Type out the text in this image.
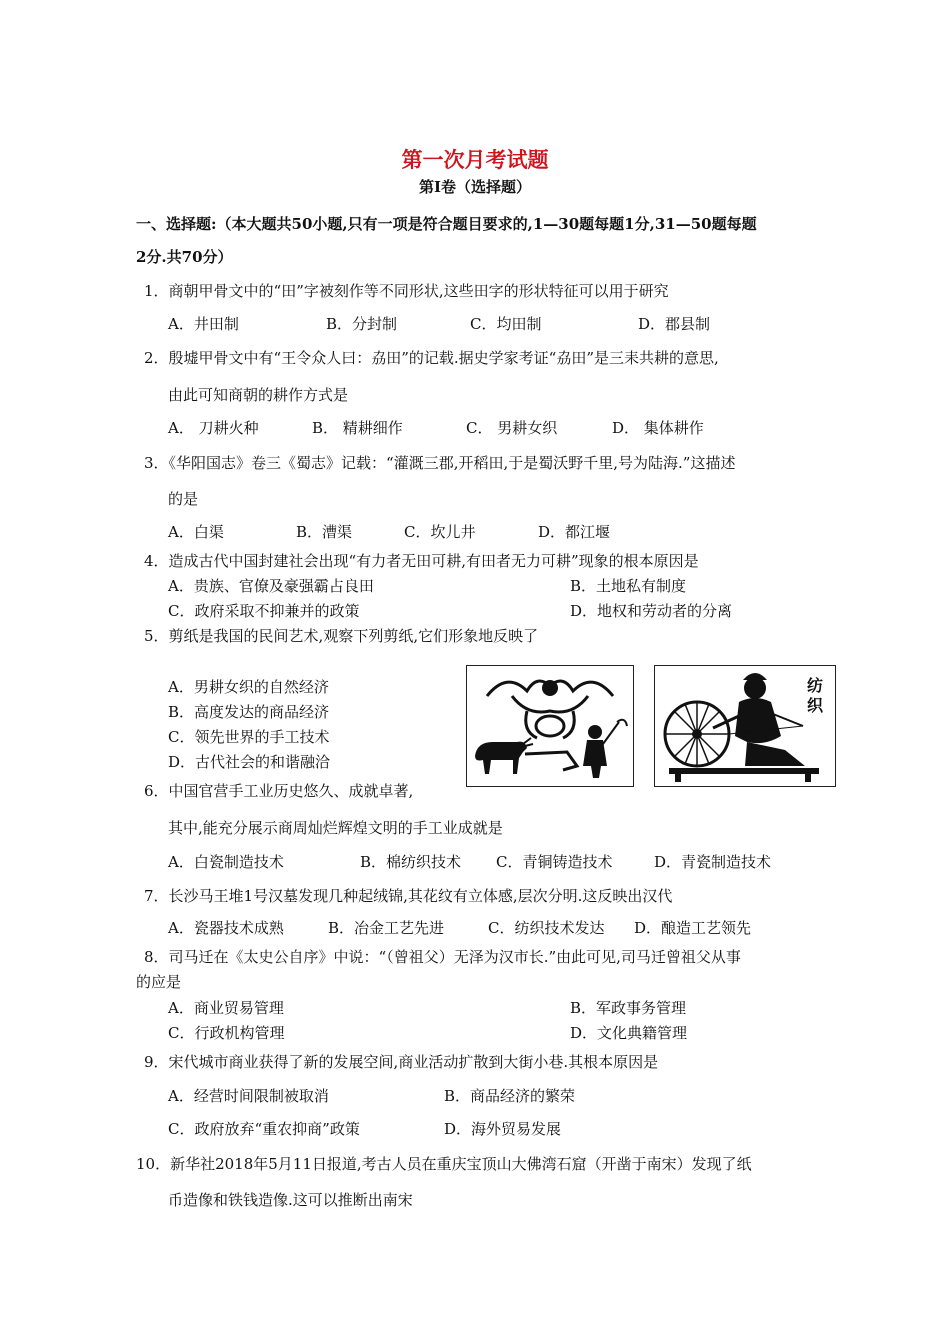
第一次月考试题
第Ⅰ卷（选择题）
一、选择题:（本大题共50小题,只有一项是符合题目要求的,1—30题每题1分,31—50题每题
2分.共70分）
1．商朝甲骨文中的“田”字被刻作等不同形状,这些田字的形状特征可以用于研究
A．井田制	B．分封制	C．均田制	D．郡县制
2．殷墟甲骨文中有“王令众人曰：劦田”的记载.据史学家考证“劦田”是三耒共耕的意思,
由此可知商朝的耕作方式是
A． 刀耕火种	B． 精耕细作	C． 男耕女织	D． 集体耕作
3．《华阳国志》卷三《蜀志》记载：“灌溉三郡,开稻田,于是蜀沃野千里,号为陆海.”这描述
的是
A．白渠	B．漕渠	C．坎儿井	D．都江堰
4．造成古代中国封建社会出现“有力者无田可耕,有田者无力可耕”现象的根本原因是
A．贵族、官僚及豪强霸占良田	B．土地私有制度
C．政府采取不抑兼并的政策	D．地权和劳动者的分离
5．剪纸是我国的民间艺术,观察下列剪纸,它们形象地反映了
A．男耕女织的自然经济
B．高度发达的商品经济
C．领先世界的手工技术
D．古代社会的和谐融洽
纺织
6．中国官营手工业历史悠久、成就卓著,
其中,能充分展示商周灿烂辉煌文明的手工业成就是
A．白瓷制造技术	B．棉纺织技术 C．青铜铸造技术	D．青瓷制造技术
7．长沙马王堆1号汉墓发现几种起绒锦,其花纹有立体感,层次分明.这反映出汉代
A．瓷器技术成熟	B．冶金工艺先进	C．纺织技术发达 D．酿造工艺领先
8．司马迁在《太史公自序》中说：“（曾祖父）无泽为汉市长.”由此可见,司马迁曾祖父从事
的应是
A．商业贸易管理	B．军政事务管理
C．行政机构管理	D．文化典籍管理
9．宋代城市商业获得了新的发展空间,商业活动扩散到大街小巷.其根本原因是
A．经营时间限制被取消	B．商品经济的繁荣
C．政府放弃“重农抑商”政策	D．海外贸易发展
10．新华社2018年5月11日报道,考古人员在重庆宝顶山大佛湾石窟（开凿于南宋）发现了纸
币造像和铁钱造像.这可以推断出南宋
